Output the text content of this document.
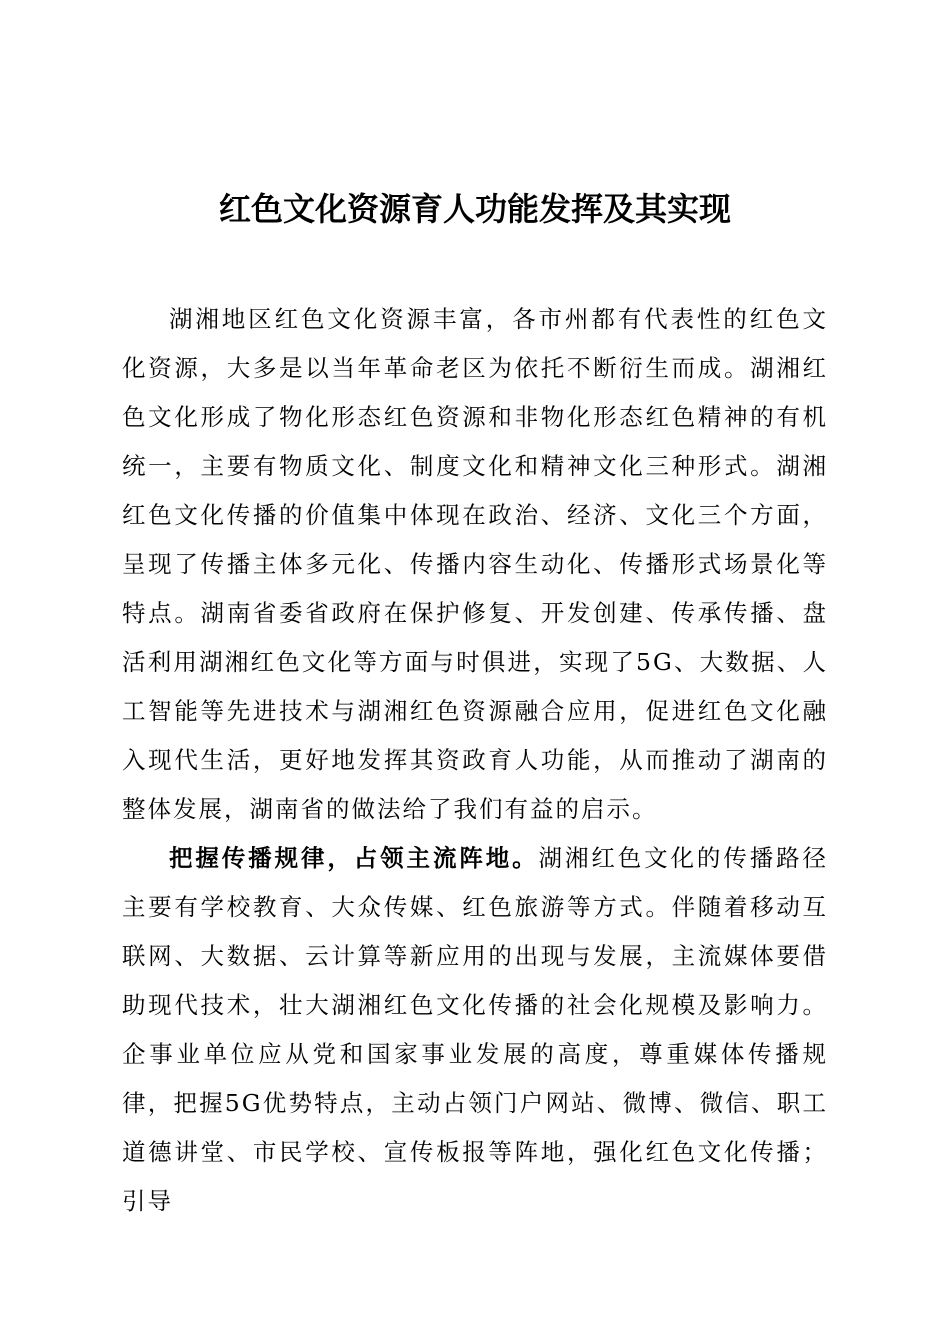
红色文化资源育人功能发挥及其实现

湖湘地区红色文化资源丰富，各市州都有代表性的红色文化资源，大多是以当年革命老区为依托不断衍生而成。湖湘红色文化形成了物化形态红色资源和非物化形态红色精神的有机统一，主要有物质文化、制度文化和精神文化三种形式。湖湘红色文化传播的价值集中体现在政治、经济、文化三个方面，呈现了传播主体多元化、传播内容生动化、传播形式场景化等特点。湖南省委省政府在保护修复、开发创建、传承传播、盘活利用湖湘红色文化等方面与时俱进，实现了5G、大数据、人工智能等先进技术与湖湘红色资源融合应用，促进红色文化融入现代生活，更好地发挥其资政育人功能，从而推动了湖南的整体发展，湖南省的做法给了我们有益的启示。

把握传播规律，占领主流阵地。湖湘红色文化的传播路径主要有学校教育、大众传媒、红色旅游等方式。伴随着移动互联网、大数据、云计算等新应用的出现与发展，主流媒体要借助现代技术，壮大湖湘红色文化传播的社会化规模及影响力。企事业单位应从党和国家事业发展的高度，尊重媒体传播规律，把握5G优势特点，主动占领门户网站、微博、微信、职工道德讲堂、市民学校、宣传板报等阵地，强化红色文化传播；引导
